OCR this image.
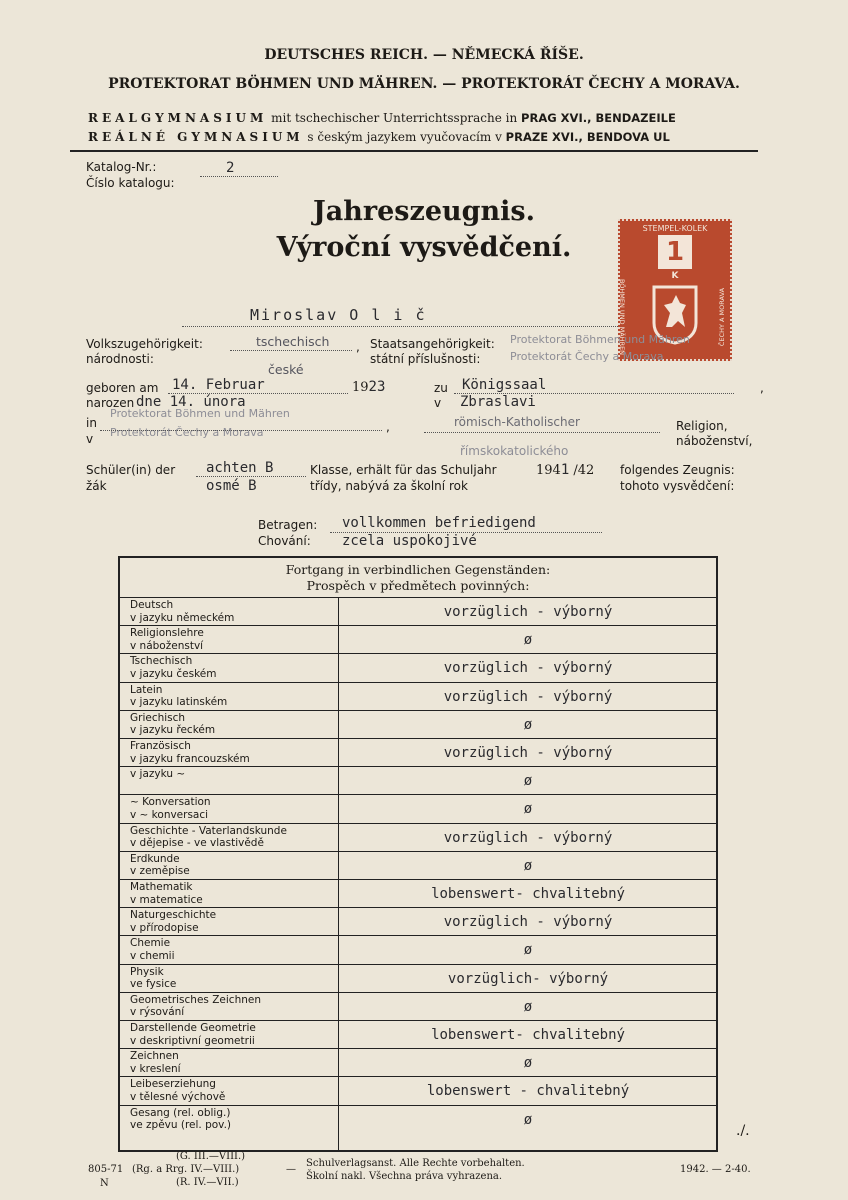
DEUTSCHES REICH. — NĚMECKÁ ŘÍŠE.
PROTEKTORAT BÖHMEN UND MÄHREN. — PROTEKTORÁT ČECHY A MORAVA.
REALGYMNASIUM mit tschechischer Unterrichtssprache in PRAG XVI., BENDAZEILE
REÁLNÉ GYMNASIUM s českým jazykem vyučovacím v PRAZE XVI., BENDOVA UL
Katalog-Nr.:
Číslo katalogu:
2
Jahreszeugnis.
Výroční vysvědčení.
STEMPEL-KOLEK
1
K
BÖHMEN UND MÄHREN	ČECHY A MORAVA
Miroslav O l i č
Volkszugehörigkeit:
národnosti:
tschechisch
české
, Staatsangehörigkeit:
státní příslušnosti:
Protektorat Böhmen und Mähren
Protektorát Čechy a Morava
geboren am
narozen
14. Februar
dne 14. února
1923	zu
v
Königssaal
Zbraslavi
,
in
v
Protektorat Böhmen und Mähren
Protektorát Čechy a Morava	,	römisch-Katholischer
římskokatolického
Religion,
náboženství,
Schüler(in) der
žák
achten B
osmé B
Klasse, erhält für das Schuljahr
třídy, nabývá za školní rok
1941 /42 folgendes Zeugnis:
tohoto vysvědčení:
Betragen:
Chování:
vollkommen befriedigend
zcela uspokojivé
Fortgang in verbindlichen Gegenständen:
Prospěch v předmětech povinných:
Deutsch
v jazyku německém	vorzüglich - výborný
Religionslehre
v náboženství	ø
Tschechisch
v jazyku českém	vorzüglich - výborný
Latein
v jazyku latinském	vorzüglich - výborný
Griechisch
v jazyku řeckém	ø
Französisch
v jazyku francouzském	vorzüglich - výborný
v jazyku ~	ø
~ Konversation
v ~ konversaci	ø
Geschichte - Vaterlandskunde
v dějepise - ve vlastivědě	vorzüglich - výborný
Erdkunde
v zeměpise	ø
Mathematik
v matematice	lobenswert- chvalitebný
Naturgeschichte
v přírodopise	vorzüglich - výborný
Chemie
v chemii	ø
Physik
ve fysice	vorzüglich- výborný
Geometrisches Zeichnen
v rýsování	ø
Darstellende Geometrie
v deskriptivní geometrii	lobenswert- chvalitebný
Zeichnen
v kreslení	ø
Leibeserziehung
v tělesné výchově	lobenswert - chvalitebný
Gesang (rel. oblig.)
ve zpěvu (rel. pov.)	ø
./.
805-71
N
(G. III.—VIII.)
(Rg. a Rrg. IV.—VIII.)
(R. IV.—VII.)
—
Schulverlagsanst. Alle Rechte vorbehalten.
Školní nakl. Všechna práva vyhrazena.
1942. — 2-40.
